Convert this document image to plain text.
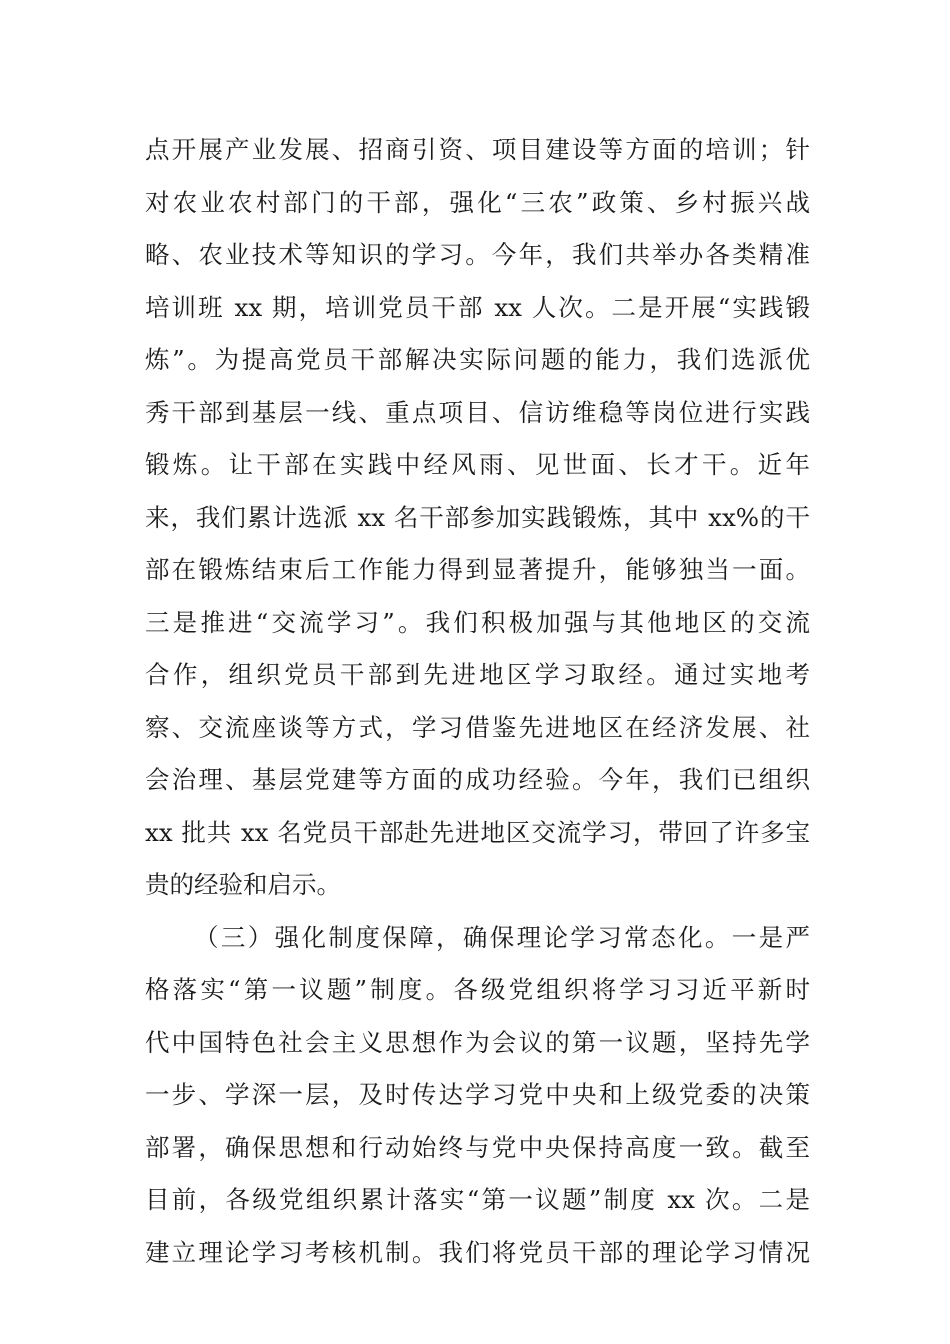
点开展产业发展、招商引资、项目建设等方面的培训；针
对农业农村部门的干部，强化“三农”政策、乡村振兴战
略、农业技术等知识的学习。今年，我们共举办各类精准
培训班 xx 期，培训党员干部 xx 人次。二是开展“实践锻
炼”。为提高党员干部解决实际问题的能力，我们选派优
秀干部到基层一线、重点项目、信访维稳等岗位进行实践
锻炼。让干部在实践中经风雨、见世面、长才干。近年
来，我们累计选派 xx 名干部参加实践锻炼，其中 xx%的干
部在锻炼结束后工作能力得到显著提升，能够独当一面。
三是推进“交流学习”。我们积极加强与其他地区的交流
合作，组织党员干部到先进地区学习取经。通过实地考
察、交流座谈等方式，学习借鉴先进地区在经济发展、社
会治理、基层党建等方面的成功经验。今年，我们已组织
xx 批共 xx 名党员干部赴先进地区交流学习，带回了许多宝
贵的经验和启示。
（三）强化制度保障，确保理论学习常态化。一是严
格落实“第一议题”制度。各级党组织将学习习近平新时
代中国特色社会主义思想作为会议的第一议题，坚持先学
一步、学深一层，及时传达学习党中央和上级党委的决策
部署，确保思想和行动始终与党中央保持高度一致。截至
目前，各级党组织累计落实“第一议题”制度 xx 次。二是
建立理论学习考核机制。我们将党员干部的理论学习情况
